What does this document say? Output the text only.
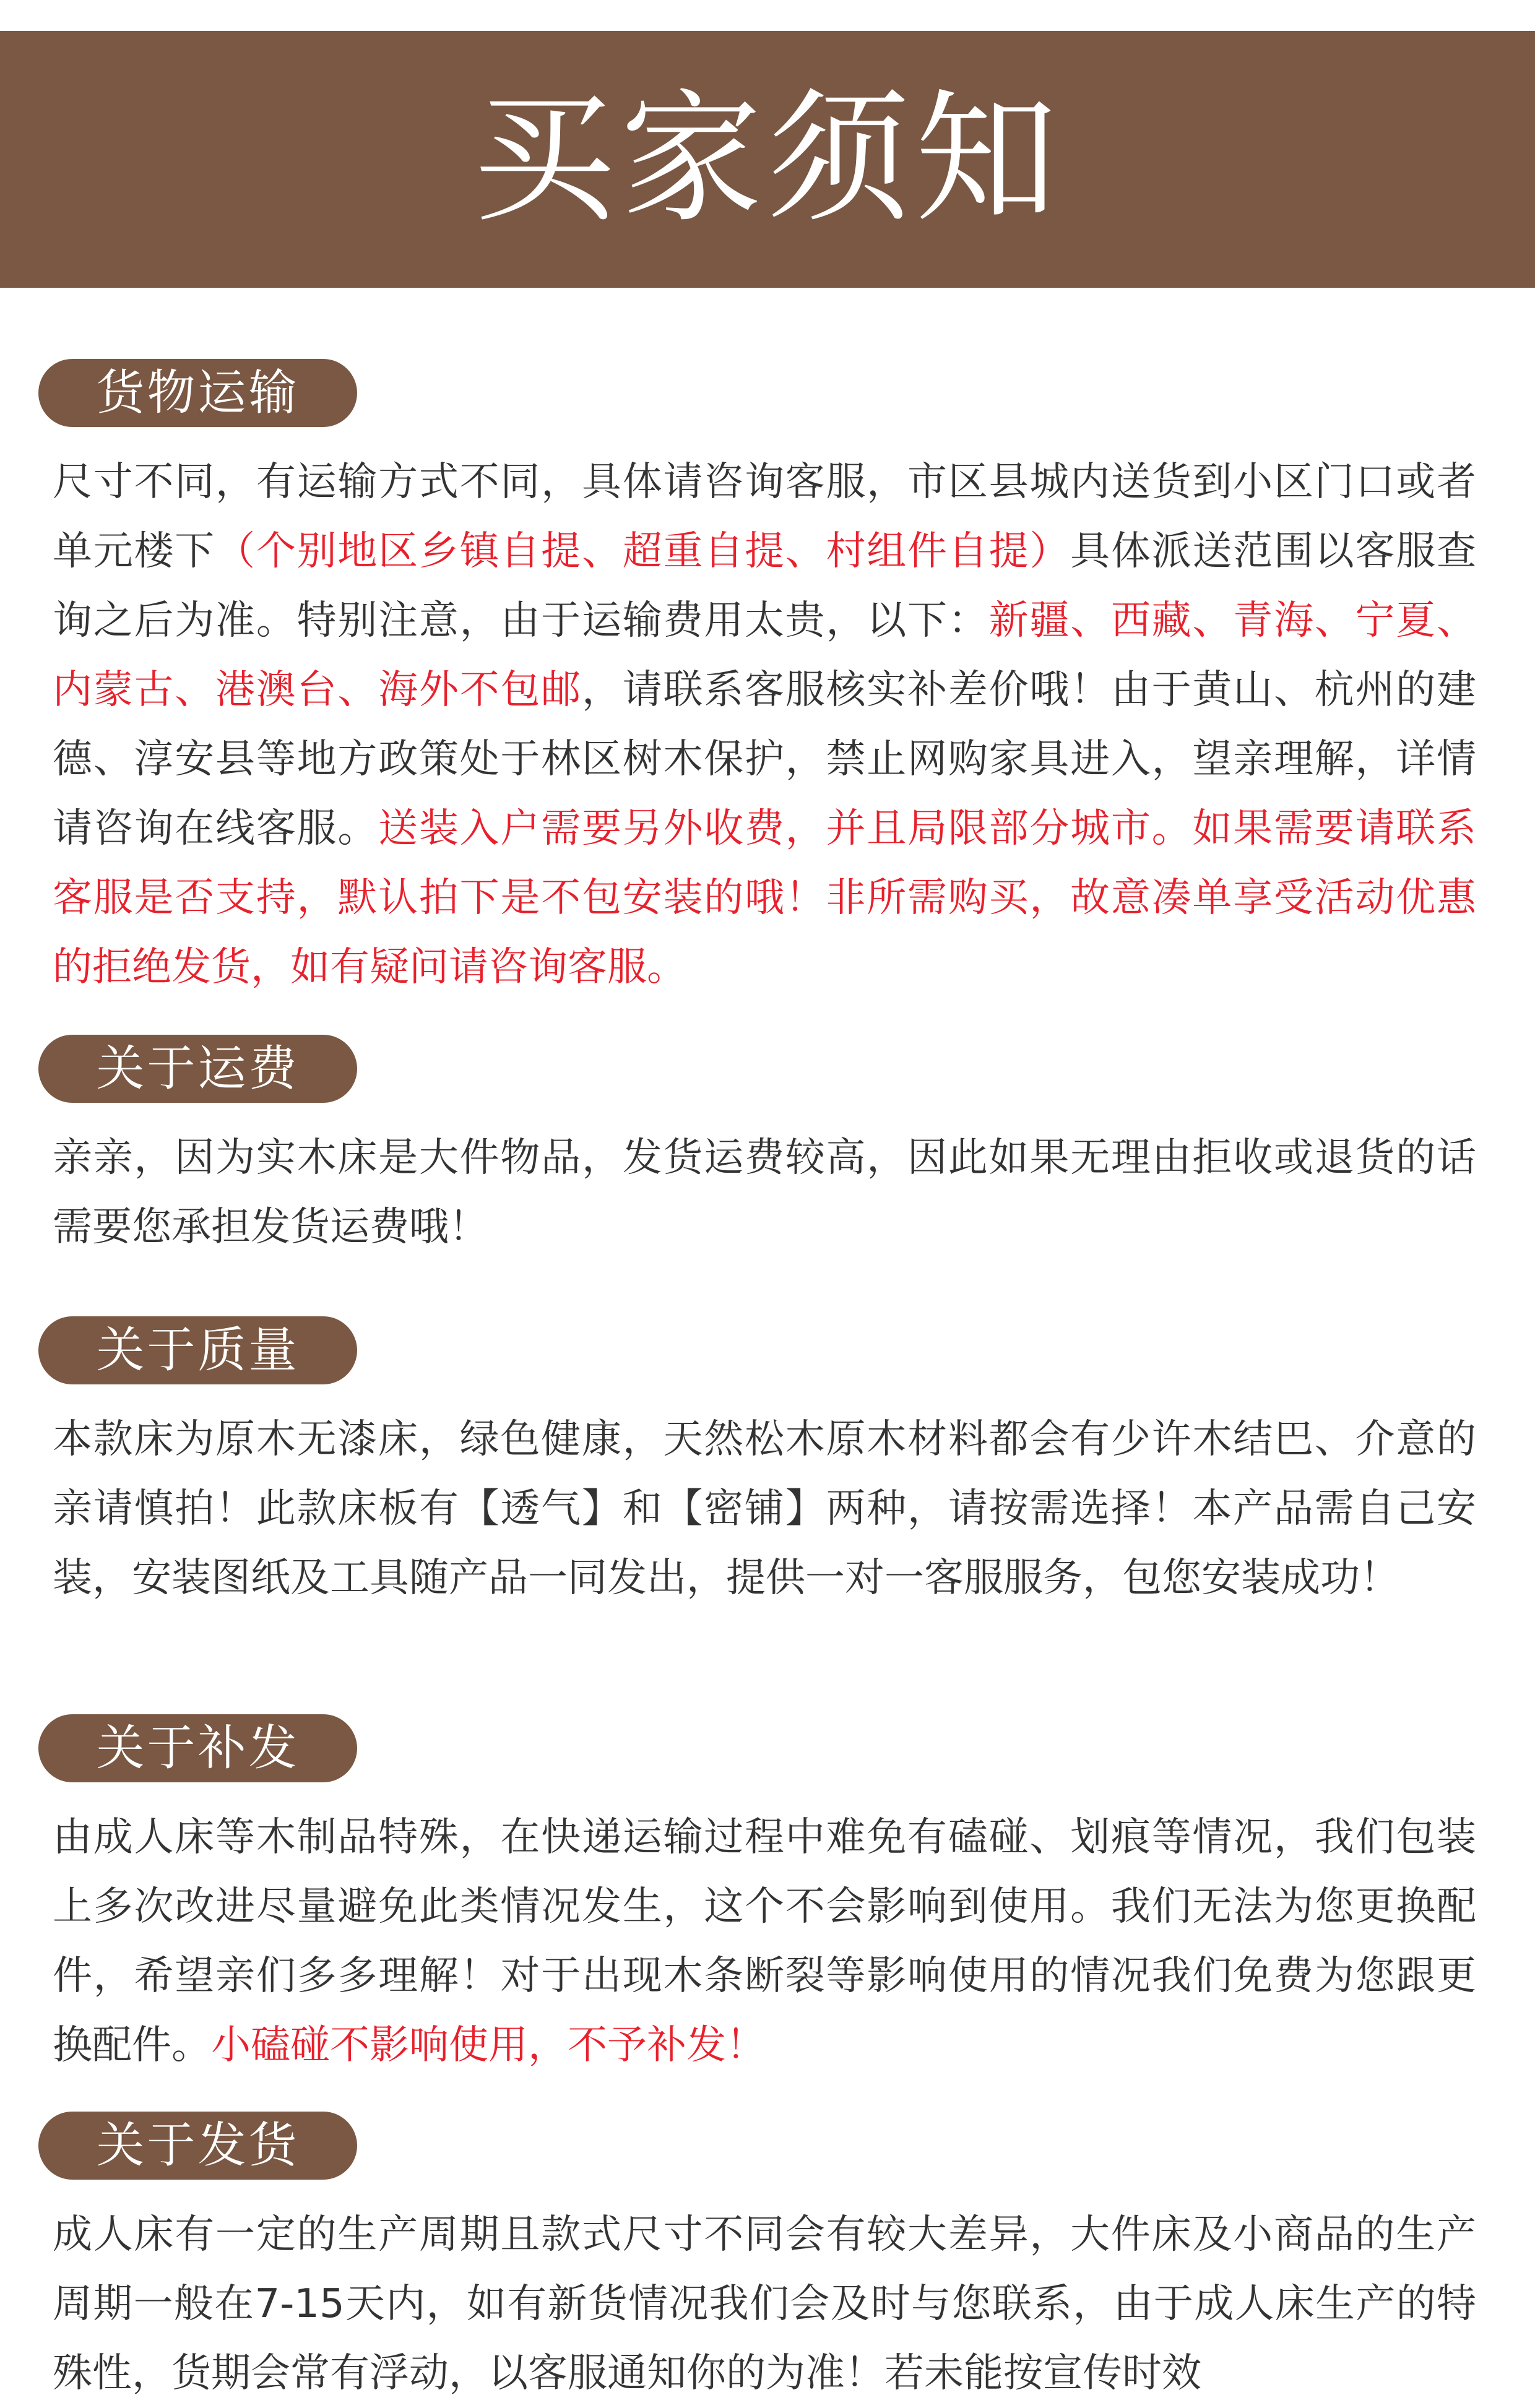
买家须知
货物运输

尺寸不同，有运输方式不同，具体请咨询客服，市区县城内送货到小区门口或者单元楼下（个别地区乡镇自提、超重自提、村组件自提）具体派送范围以客服查询之后为准。特别注意，由于运输费用太贵，以下：新疆、西藏、青海、宁夏、内蒙古、港澳台、海外不包邮，请联系客服核实补差价哦！由于黄山、杭州的建德、淳安县等地方政策处于林区树木保护，禁止网购家具进入，望亲理解，详情请咨询在线客服。送装入户需要另外收费，并且局限部分城市。如果需要请联系客服是否支持，默认拍下是不包安装的哦！非所需购买，故意凑单享受活动优惠的拒绝发货，如有疑问请咨询客服。

关于运费

亲亲，因为实木床是大件物品，发货运费较高，因此如果无理由拒收或退货的话需要您承担发货运费哦！

关于质量

本款床为原木无漆床，绿色健康，天然松木原木材料都会有少许木结巴、介意的亲请慎拍！此款床板有【透气】和【密铺】两种，请按需选择！本产品需自己安装，安装图纸及工具随产品一同发出，提供一对一客服服务，包您安装成功！

关于补发

由成人床等木制品特殊，在快递运输过程中难免有磕碰、划痕等情况，我们包装上多次改进尽量避免此类情况发生，这个不会影响到使用。我们无法为您更换配件，希望亲们多多理解！对于出现木条断裂等影响使用的情况我们免费为您跟更换配件。小磕碰不影响使用，不予补发！

关于发货

成人床有一定的生产周期且款式尺寸不同会有较大差异，大件床及小商品的生产周期一般在7-15天内，如有新货情况我们会及时与您联系，由于成人床生产的特殊性，货期会常有浮动，以客服通知你的为准！若未能按宣传时效
